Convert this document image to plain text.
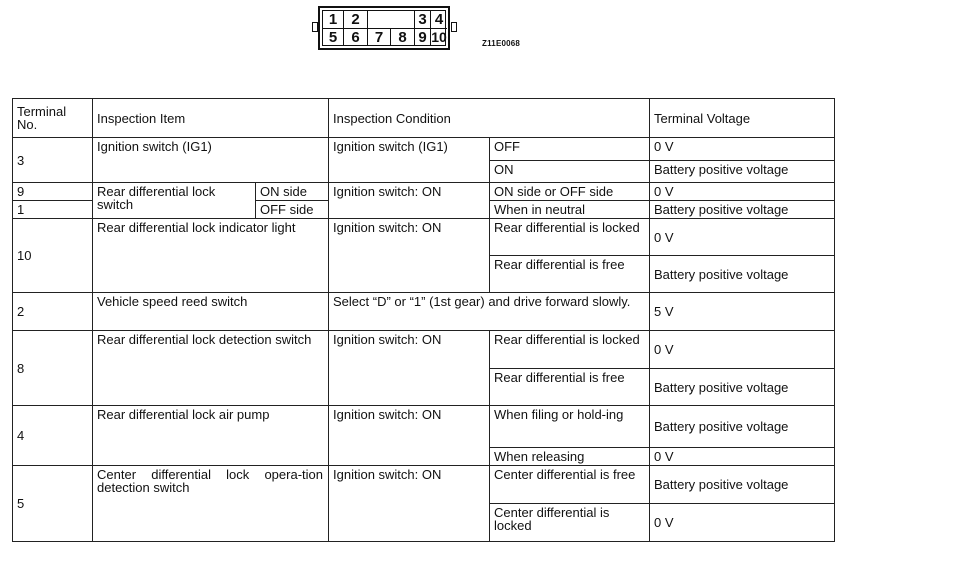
1 2	3 4
5 6	7	8 9 10	Z11E0068
Terminal No.	Inspection Item		Inspection Condition		Terminal Voltage
3	Ignition switch (IG1)		Ignition switch (IG1)	OFF	0 V
				ON	Battery positive voltage
9	Rear differential lock switch	ON side	Ignition switch: ON	ON side or OFF side	0 V
1		OFF side		When in neutral	Battery positive voltage
10	Rear differential lock indicator light		Ignition switch: ON	Rear differential is locked	0 V
				Rear differential is free	Battery positive voltage
2	Vehicle speed reed switch		Select “D” or “1” (1st gear) and drive forward slowly.		5 V
8	Rear differential lock detection switch		Ignition switch: ON	Rear differential is locked	0 V
				Rear differential is free	Battery positive voltage
4	Rear differential lock air pump		Ignition switch: ON	When filing or hold-ing	Battery positive voltage
				When releasing	0 V
5	Center differential lock opera-tion detection switch		Ignition switch: ON	Center differential is free	Battery positive voltage
				Center differential is locked	0 V
